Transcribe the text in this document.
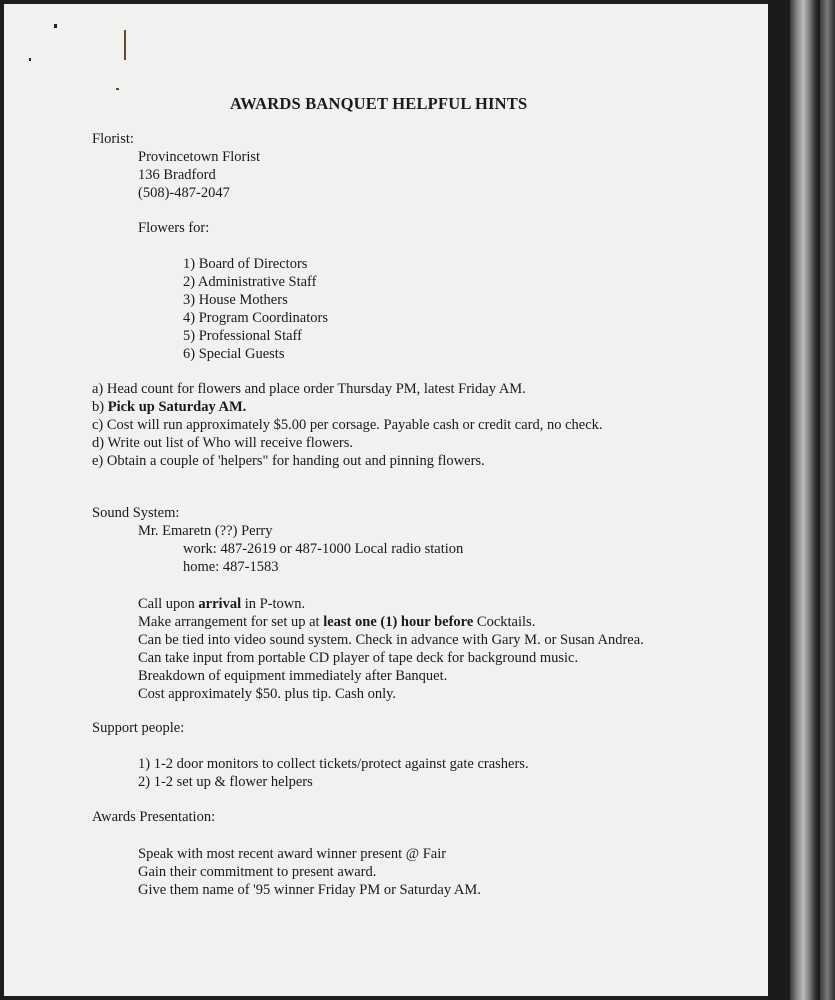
AWARDS BANQUET HELPFUL HINTS
Florist:
Provincetown Florist
136 Bradford
(508)-487-2047
Flowers for:
1) Board of Directors
2) Administrative Staff
3) House Mothers
4) Program Coordinators
5) Professional Staff
6) Special Guests
a) Head count for flowers and place order Thursday PM, latest Friday AM.
b) Pick up Saturday AM.
c) Cost will run approximately $5.00 per corsage. Payable cash or credit card, no check.
d) Write out list of Who will receive flowers.
e) Obtain a couple of 'helpers" for handing out and pinning flowers.
Sound System:
Mr. Emaretn (??) Perry
work: 487-2619 or 487-1000 Local radio station
home: 487-1583
Call upon arrival in P-town.
Make arrangement for set up at least one (1) hour before Cocktails.
Can be tied into video sound system. Check in advance with Gary M. or Susan Andrea.
Can take input from portable CD player of tape deck for background music.
Breakdown of equipment immediately after Banquet.
Cost approximately $50. plus tip. Cash only.
Support people:
1) 1-2 door monitors to collect tickets/protect against gate crashers.
2) 1-2 set up & flower helpers
Awards Presentation:
Speak with most recent award winner present @ Fair
Gain their commitment to present award.
Give them name of '95 winner Friday PM or Saturday AM.
